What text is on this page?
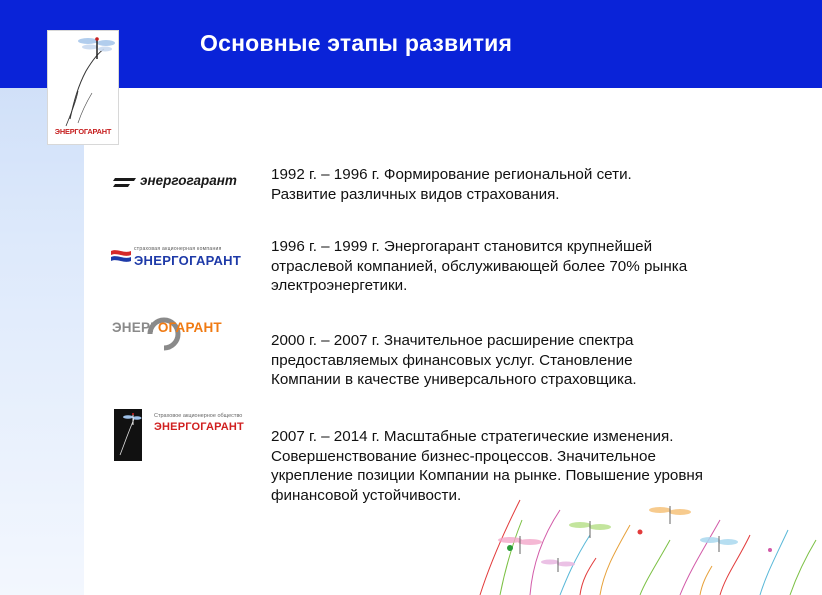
Основные этапы развития
ЭНЕРГОГАРАНТ
энергогарант 1992 г. – 1996 г. Формирование региональной сети.
Развитие различных видов страхования.
страховая акционерная компания
ЭНЕРГОГАРАНТ
1996 г. – 1999 г. Энергогарант становится крупнейшей
отраслевой компанией, обслуживающей более 70% рынка
электроэнергетики.
ЭНЕРГОГАРАНТ
2000 г. – 2007 г. Значительное расширение спектра
предоставляемых финансовых услуг. Становление
Компании в качестве универсального страховщика.
Страховое акционерное общество
ЭНЕРГОГАРАНТ
2007 г. – 2014 г. Масштабные стратегические изменения.
Совершенствование бизнес-процессов. Значительное
укрепление позиции Компании на рынке. Повышение уровня
финансовой устойчивости.
